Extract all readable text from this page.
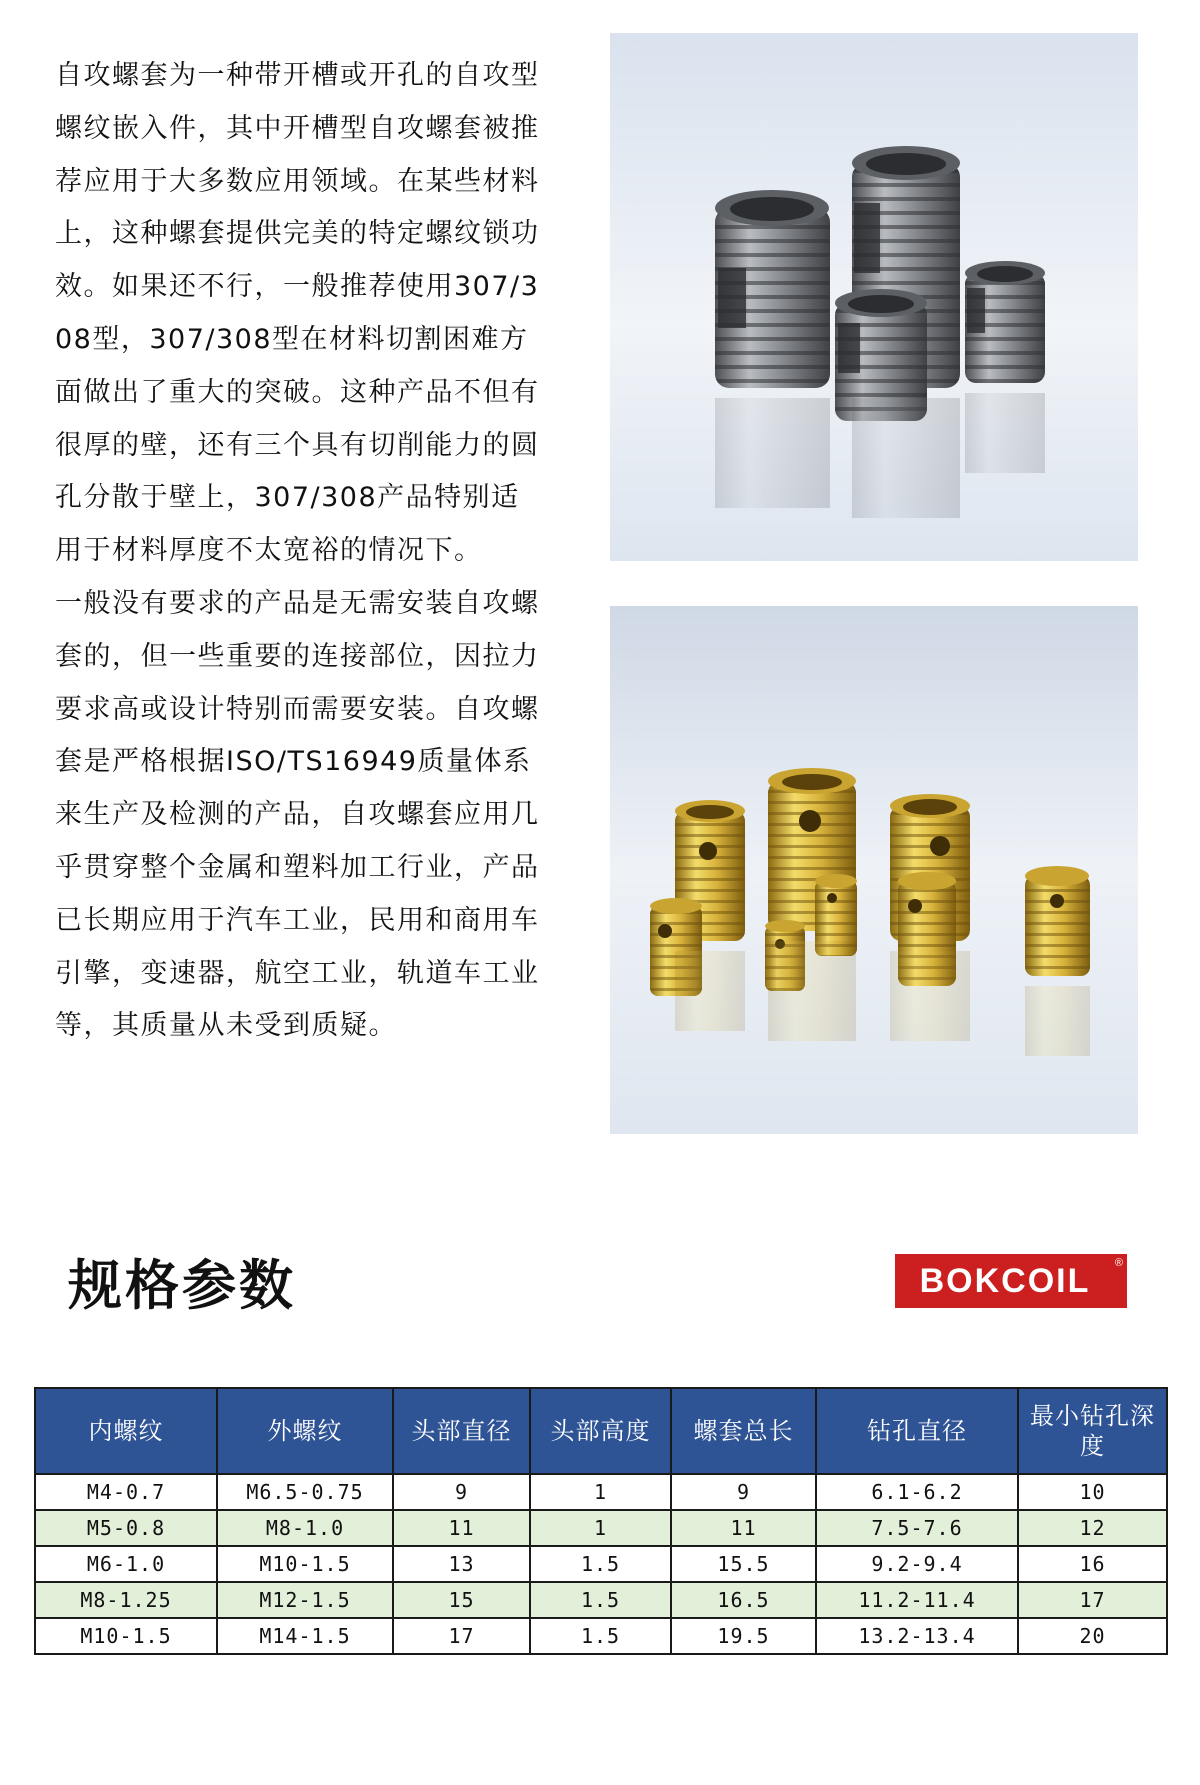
自攻螺套为一种带开槽或开孔的自攻型螺纹嵌入件，其中开槽型自攻螺套被推荐应用于大多数应用领域。在某些材料上，这种螺套提供完美的特定螺纹锁功效。如果还不行，一般推荐使用307/308型，307/308型在材料切割困难方面做出了重大的突破。这种产品不但有很厚的壁，还有三个具有切削能力的圆孔分散于壁上，307/308产品特别适用于材料厚度不太宽裕的情况下。

一般没有要求的产品是无需安装自攻螺套的，但一些重要的连接部位，因拉力要求高或设计特别而需要安装。自攻螺套是严格根据ISO/TS16949质量体系来生产及检测的产品，自攻螺套应用几乎贯穿整个金属和塑料加工行业，产品已长期应用于汽车工业，民用和商用车引擎，变速器，航空工业，轨道车工业等，其质量从未受到质疑。

规格参数	BOKCOIL	®
内螺纹	外螺纹	头部直径	头部高度	螺套总长	钻孔直径	最小钻孔深度
M4-0.7	M6.5-0.75	9	1	9	6.1-6.2	10
M5-0.8	M8-1.0	11	1	11	7.5-7.6	12
M6-1.0	M10-1.5	13	1.5	15.5	9.2-9.4	16
M8-1.25	M12-1.5	15	1.5	16.5	11.2-11.4	17
M10-1.5	M14-1.5	17	1.5	19.5	13.2-13.4	20
